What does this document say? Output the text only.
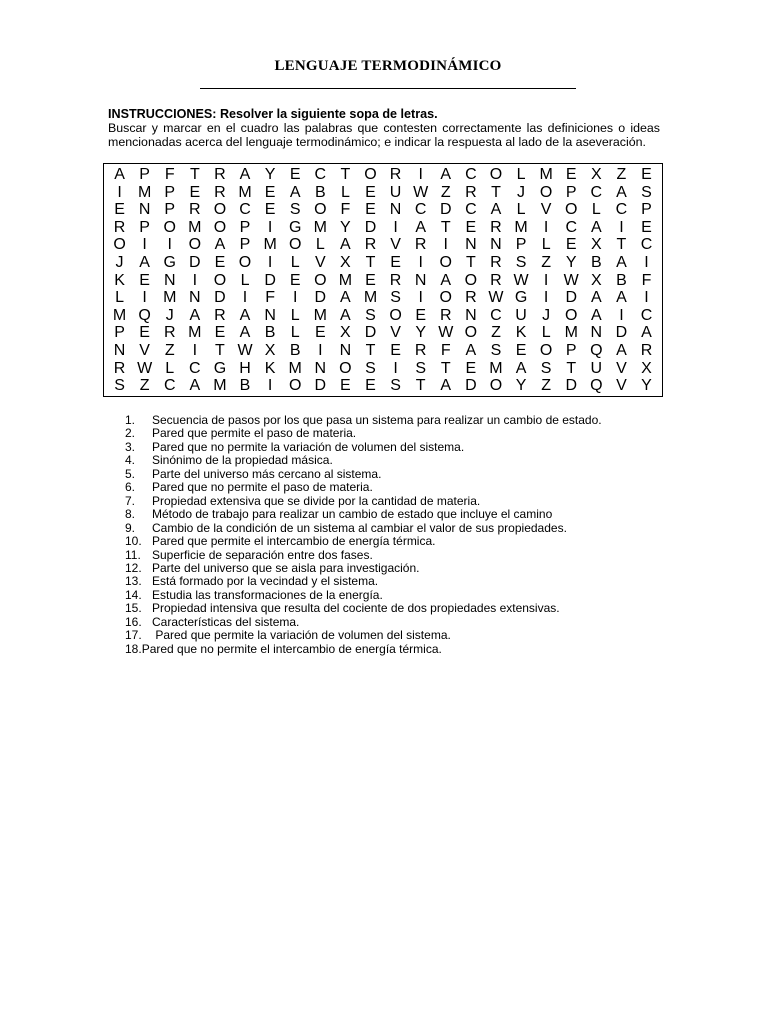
LENGUAJE TERMODINÁMICO
INSTRUCCIONES: Resolver la siguiente sopa de letras.
Buscar y marcar en el cuadro las palabras que contesten correctamente las definiciones o ideas mencionadas acerca del lenguaje termodinámico; e indicar la respuesta al lado de la aseveración.
A P F T R A Y E C T O R	I	A C O L M E X Z E
I	M P E R M E A B L E U W Z R T	J O P C A S
E N P R O C E S O F E N C D C A L V O L C P
R P O M O P	I	G M Y D	I	A T E R M	I	C A	I	E
O	I	I	O A P M O L A R V R	I	N N P L E X T C
J A G D E O	I	L V X T E	I	O T R S Z Y B A	I
K E N	I	O L D E O M E R N A O R W I W X B F
L	I	M N D	I	F	I	D A M S	I	O R W G	I	D A A	I
M Q J A R A N L M A S O E R N C U J O A	I	C
P E R M E A B L E X D V Y W O Z K L M N D A
N V Z	I	T W X B	I	N T E R F A S E O P Q A R
R W L C G H K M N O S	I	S T E M A S T U V X
S Z C A M B	I	O D E E S T A D O Y Z D Q V Y
1. Secuencia de pasos por los que pasa un sistema para realizar un cambio de estado.
2. Pared que permite el paso de materia.
3. Pared que no permite la variación de volumen del sistema.
4. Sinónimo de la propiedad másica.
5. Parte del universo más cercano al sistema.
6. Pared que no permite el paso de materia.
7. Propiedad extensiva que se divide por la cantidad de materia.
8. Método de trabajo para realizar un cambio de estado que incluye el camino
9. Cambio de la condición de un sistema al cambiar el valor de sus propiedades.
10. Pared que permite el intercambio de energía térmica.
11. Superficie de separación entre dos fases.
12. Parte del universo que se aisla para investigación.
13. Está formado por la vecindad y el sistema.
14. Estudia las transformaciones de la energía.
15. Propiedad intensiva que resulta del cociente de dos propiedades extensivas.
16. Características del sistema.
17. Pared que permite la variación de volumen del sistema.
18.Pared que no permite el intercambio de energía térmica.
